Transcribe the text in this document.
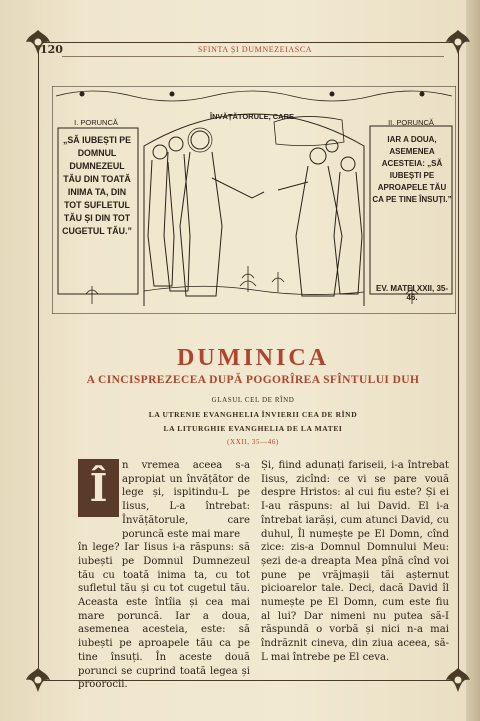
120	SFINTA ȘI DUMNEZEIASCA
ÎNVĂȚĂTORULE, CARE
I. PORUNCĂ
„SĂ IUBEȘTI PE DOMNUL DUMNEZEUL TĂU DIN TOATĂ INIMA TA, DIN TOT SUFLETUL TĂU ȘI DIN TOT CUGETUL TĂU.”
II. PORUNCĂ
IAR A DOUA, ASEMENEA ACESTEIA: „SĂ IUBEȘTI PE APROAPELE TĂU CA PE TINE ÎNSUȚI.”
EV. MATEI XXII, 35-46.
DUMINICA
A CINCISPREZECEA DUPĂ POGORÎREA SFÎNTULUI DUH
GLASUL CEL DE RÎND
LA UTRENIE EVANGHELIA ÎNVIERII CEA DE RÎND
LA LITURGHIE EVANGHELIA DE LA MATEI
(XXII, 35—46)
Î	n vremea aceea s-a apropiat un învățător de lege și, ispitindu-L pe Iisus, L-a întrebat: Învățătorule, care poruncă este mai mare

în lege? Iar Iisus i-a răspuns: să iubești pe Domnul Dumnezeul tău cu toată inima ta, cu tot sufletul tău și cu tot cugetul tău. Aceasta este întîia și cea mai mare poruncă. Iar a doua, asemenea acesteia, este: să iubești pe aproapele tău ca pe tine însuți. În aceste două porunci se cuprind toată legea și proorocii.

Și, fiind adunați fariseii, i-a întrebat Iisus, zicînd: ce vi se pare vouă despre Hristos: al cui fiu este? Și ei I-au răspuns: al lui David. El i-a întrebat iarăși, cum atunci David, cu duhul, Îl numește pe El Domn, cînd zice: zis-a Domnul Domnului Meu: șezi de-a dreapta Mea pînă cînd voi pune pe vrăjmașii tăi așternut picioarelor tale. Deci, dacă David îl numește pe El Domn, cum este fiu al lui? Dar nimeni nu putea să-I răspundă o vorbă și nici n-a mai îndrăznit cineva, din ziua aceea, să-L mai întrebe pe El ceva.
